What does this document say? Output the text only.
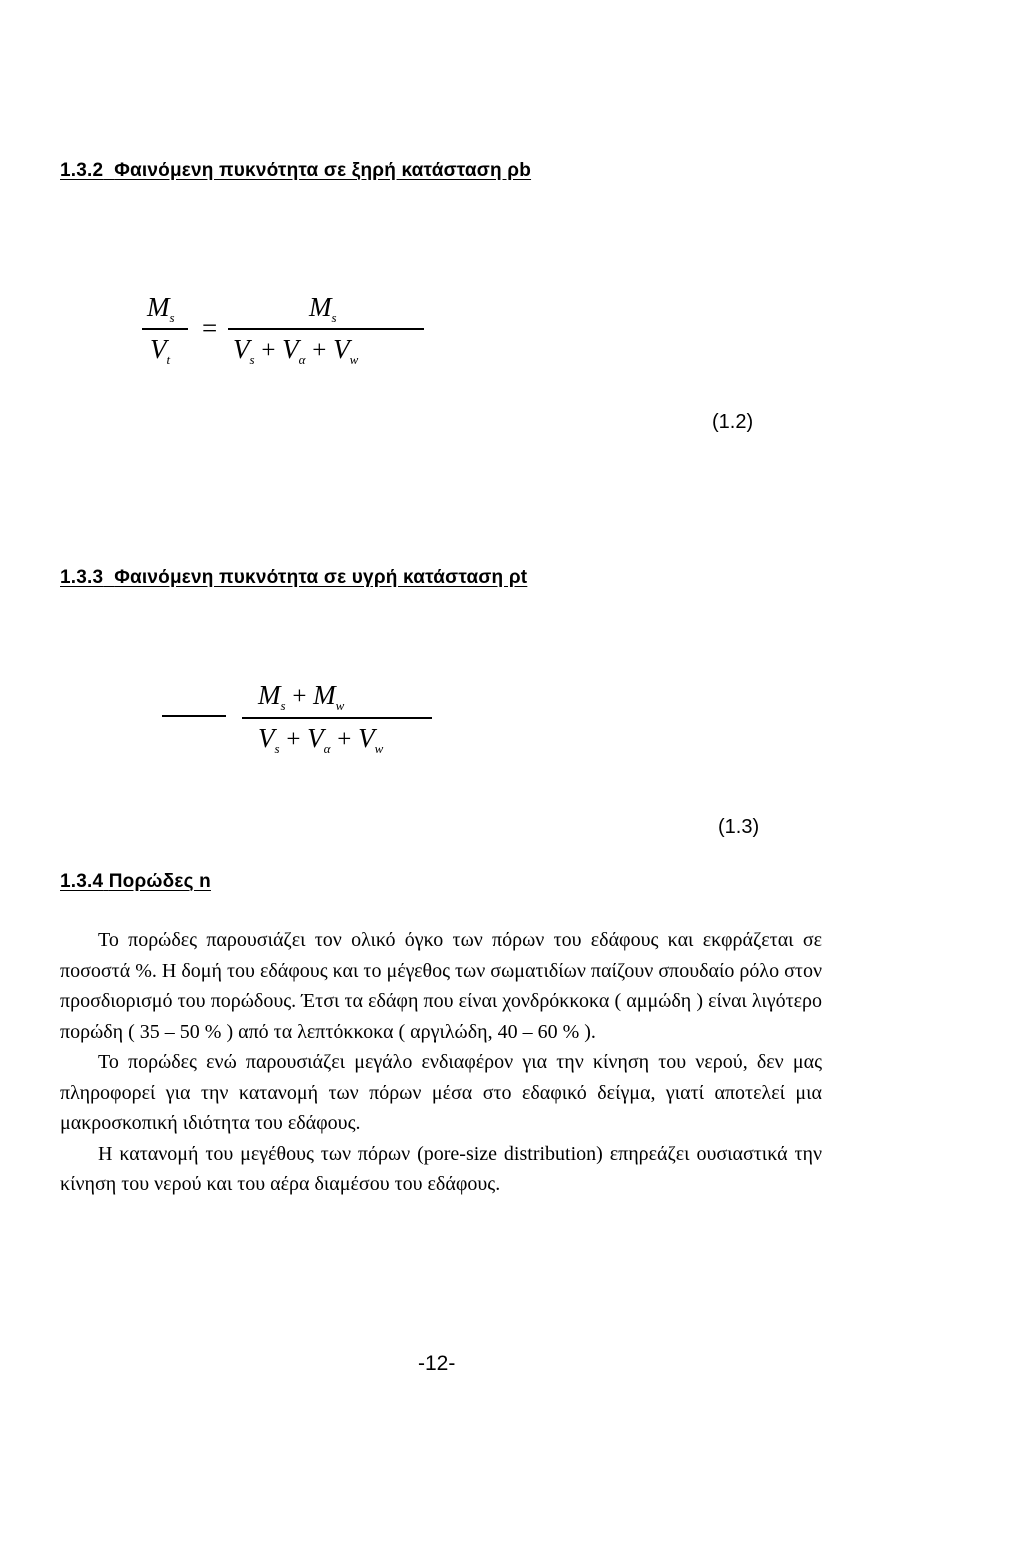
1.3.2 Φαινόμενη πυκνότητα σε ξηρή κατάσταση ρb
$M_s$
$V_t$
=
$M_s$
$V_s + V_\alpha + V_w$
(1.2)
1.3.3 Φαινόμενη πυκνότητα σε υγρή κατάσταση ρt
$M_s + M_w$
$V_s + V_\alpha + V_w$
(1.3)
1.3.4 Πορώδες n

Το πορώδες παρουσιάζει τον ολικό όγκο των πόρων του εδάφους και εκφράζεται σε ποσοστά %. Η δομή του εδάφους και το μέγεθος των σωματιδίων παίζουν σπουδαίο ρόλο στον προσδιορισμό του πορώδους. Έτσι τα εδάφη που είναι χονδρόκκοκα ( αμμώδη ) είναι λιγότερο πορώδη ( 35 – 50 % ) από τα λεπτόκκοκα ( αργιλώδη, 40 – 60 % ).

Το πορώδες ενώ παρουσιάζει μεγάλο ενδιαφέρον για την κίνηση του νερού, δεν μας πληροφορεί για την κατανομή των πόρων μέσα στο εδαφικό δείγμα, γιατί αποτελεί μια μακροσκοπική ιδιότητα του εδάφους.

Η κατανομή του μεγέθους των πόρων (pore-size distribution) επηρεάζει ουσιαστικά την κίνηση του νερού και του αέρα διαμέσου του εδάφους.

-12-
